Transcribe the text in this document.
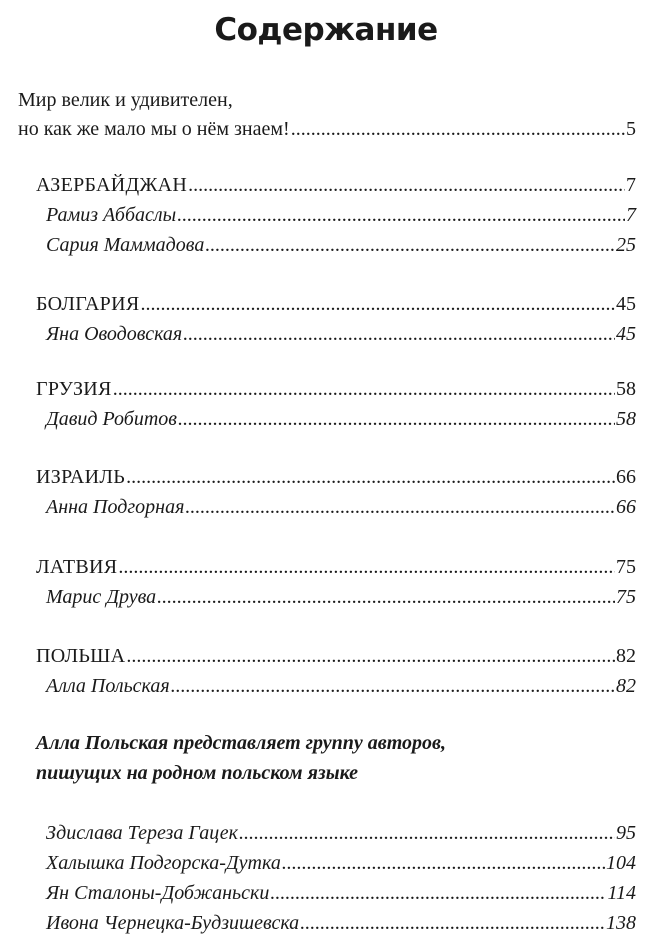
Содержание
Мир велик и удивителен,
но как же мало мы о нём знаем! .....	5
АЗЕРБАЙДЖАН .....	7
Рамиз Аббаслы .....	7
Сария Маммадова .....	25
БОЛГАРИЯ .....	45
Яна Оводовская .....	45
ГРУЗИЯ .....	58
Давид Робитов .....	58
ИЗРАИЛЬ .....	66
Анна Подгорная .....	66
ЛАТВИЯ .....	75
Марис Друва .....	75
ПОЛЬША .....	82
Алла Польская .....	82
Алла Польская представляет группу авторов,
пишущих на родном польском языке
Здислава Тереза Гацек .....	95
Халышка Подгорска-Дутка .....	104
Ян Сталоны-Добжаньски .....	114
Ивона Чернецка-Будзишевска .....	138
